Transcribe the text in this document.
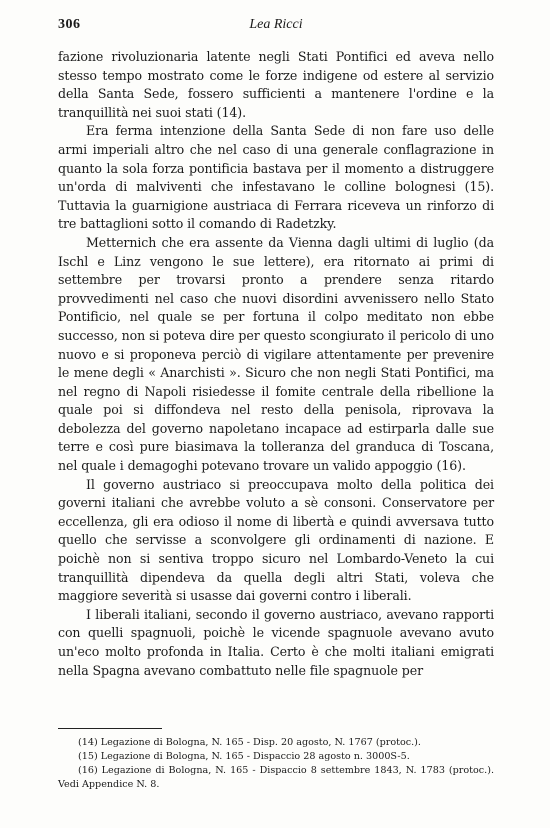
306	Lea Ricci

fazione rivoluzionaria latente negli Stati Pontifici ed aveva nello stesso tempo mostrato come le forze indigene od estere al servizio della Santa Sede, fossero sufficienti a mantenere l'ordine e la tranquillità nei suoi stati (14).

Era ferma intenzione della Santa Sede di non fare uso delle armi imperiali altro che nel caso di una generale conflagrazione in quanto la sola forza pontificia bastava per il momento a distruggere un'orda di malviventi che infestavano le colline bolognesi (15). Tuttavia la guarnigione austriaca di Ferrara riceveva un rinforzo di tre battaglioni sotto il comando di Radetzky.

Metternich che era assente da Vienna dagli ultimi di luglio (da Ischl e Linz vengono le sue lettere), era ritornato ai primi di settembre per trovarsi pronto a prendere senza ritardo provvedimenti nel caso che nuovi disordini avvenissero nello Stato Pontificio, nel quale se per fortuna il colpo meditato non ebbe successo, non si poteva dire per questo scongiurato il pericolo di uno nuovo e si proponeva perciò di vigilare attentamente per prevenire le mene degli « Anarchisti ». Sicuro che non negli Stati Pontifici, ma nel regno di Napoli risiedesse il fomite centrale della ribellione la quale poi si diffondeva nel resto della penisola, riprovava la debolezza del governo napoletano incapace ad estirparla dalle sue terre e così pure biasimava la tolleranza del granduca di Toscana, nel quale i demagoghi potevano trovare un valido appoggio (16).

Il governo austriaco si preoccupava molto della politica dei governi italiani che avrebbe voluto a sè consoni. Conservatore per eccellenza, gli era odioso il nome di libertà e quindi avversava tutto quello che servisse a sconvolgere gli ordinamenti di nazione. E poichè non si sentiva troppo sicuro nel Lombardo-Veneto la cui tranquillità dipendeva da quella degli altri Stati, voleva che maggiore severità si usasse dai governi contro i liberali.

I liberali italiani, secondo il governo austriaco, avevano rapporti con quelli spagnuoli, poichè le vicende spagnuole avevano avuto un'eco molto profonda in Italia. Certo è che molti italiani emigrati nella Spagna avevano combattuto nelle file spagnuole per

(14) Legazione di Bologna, N. 165 - Disp. 20 agosto, N. 1767 (protoc.).

(15) Legazione di Bologna, N. 165 - Dispaccio 28 agosto n. 3000S-5.

(16) Legazione di Bologna, N. 165 - Dispaccio 8 settembre 1843, N. 1783 (protoc.). Vedi Appendice N. 8.
